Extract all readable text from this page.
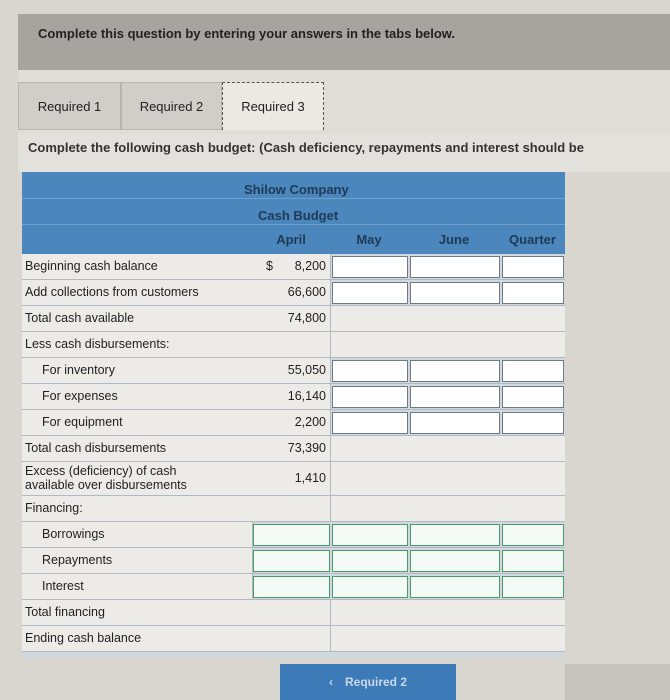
Complete this question by entering your answers in the tabs below.
Required 1	Required 2	Required 3
Complete the following cash budget: (Cash deficiency, repayments and interest should be
Shilow Company
Cash Budget
April	May	June	Quarter
Beginning cash balance	$ 8,200
Add collections from customers	66,600
Total cash available	74,800
Less cash disbursements:
For inventory	55,050
For expenses	16,140
For equipment	2,200
Total cash disbursements	73,390
Excess (deficiency) of cash available over disbursements	1,410
Financing:
Borrowings
Repayments
Interest
Total financing
Ending cash balance
‹ Required 2
